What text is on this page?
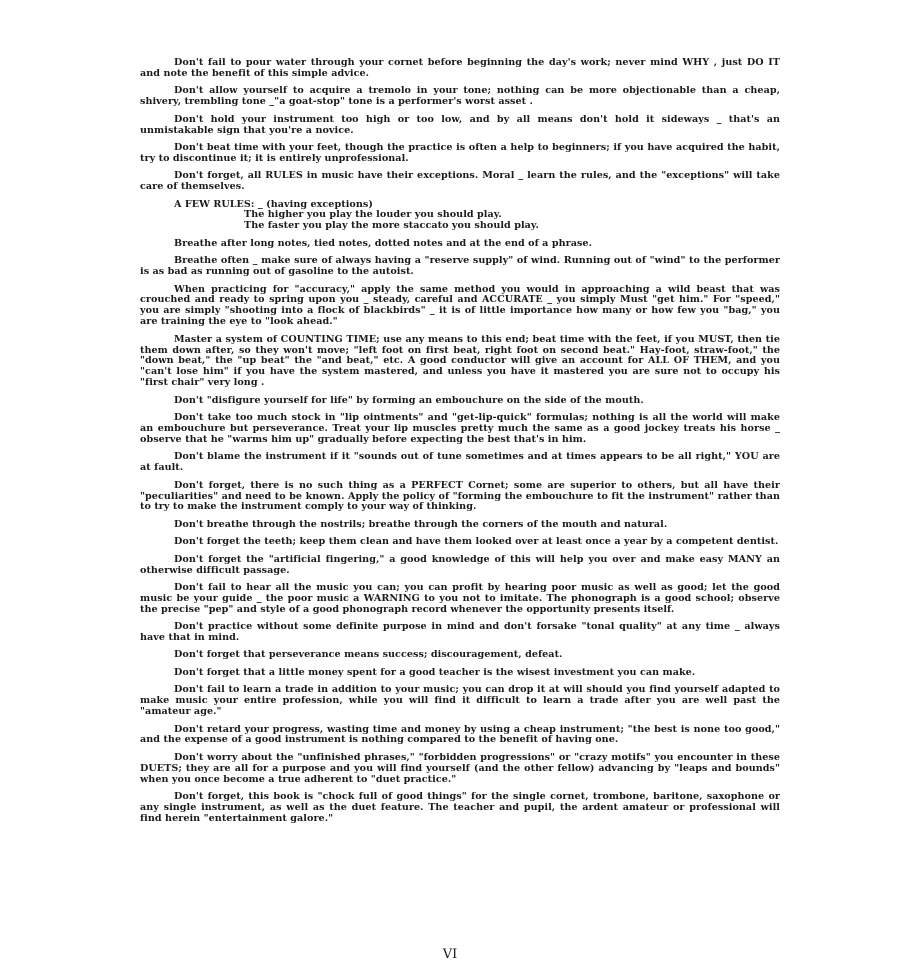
Don't fail to pour water through your cornet before beginning the day's work; never mind WHY , just DO IT and note the benefit of this simple advice.

Don't allow yourself to acquire a tremolo in your tone; nothing can be more objectionable than a cheap, shivery, trembling tone _"a goat-stop" tone is a performer's worst asset .

Don't hold your instrument too high or too low, and by all means don't hold it sideways _ that's an unmistakable sign that you're a novice.

Don't beat time with your feet, though the practice is often a help to beginners; if you have acquired the habit, try to discontinue it; it is entirely unprofessional.

Don't forget, all RULES in music have their exceptions. Moral _ learn the rules, and the "exceptions" will take care of themselves.

A FEW RULES: _ (having exceptions)
The higher you play the louder you should play.
The faster you play the more staccato you should play.

Breathe after long notes, tied notes, dotted notes and at the end of a phrase.

Breathe often _ make sure of always having a "reserve supply" of wind. Running out of "wind" to the performer is as bad as running out of gasoline to the autoist.

When practicing for "accuracy," apply the same method you would in approaching a wild beast that was crouched and ready to spring upon you _ steady, careful and ACCURATE _ you simply Must "get him." For "speed," you are simply "shooting into a flock of blackbirds" _ it is of little importance how many or how few you "bag," you are training the eye to "look ahead."

Master a system of COUNTING TIME; use any means to this end; beat time with the feet, if you MUST, then tie them down after, so they won't move; "left foot on first beat, right foot on second beat." Hay-foot, straw-foot," the "down beat," the "up beat" the "and beat," etc. A good conductor will give an account for ALL OF THEM, and you "can't lose him" if you have the system mastered, and unless you have it mastered you are sure not to occupy his "first chair" very long .

Don't "disfigure yourself for life" by forming an embouchure on the side of the mouth.

Don't take too much stock in "lip ointments" and "get-lip-quick" formulas; nothing is all the world will make an embouchure but perseverance. Treat your lip muscles pretty much the same as a good jockey treats his horse _ observe that he "warms him up" gradually before expecting the best that's in him.

Don't blame the instrument if it "sounds out of tune sometimes and at times appears to be all right," YOU are at fault.

Don't forget, there is no such thing as a PERFECT Cornet; some are superior to others, but all have their "peculiarities" and need to be known. Apply the policy of "forming the embouchure to fit the instrument" rather than to try to make the instrument comply to your way of thinking.

Don't breathe through the nostrils; breathe through the corners of the mouth and natural.

Don't forget the teeth; keep them clean and have them looked over at least once a year by a competent dentist.

Don't forget the "artificial fingering," a good knowledge of this will help you over and make easy MANY an otherwise difficult passage.

Don't fail to hear all the music you can; you can profit by hearing poor music as well as good; let the good music be your guide _ the poor music a WARNING to you not to imitate. The phonograph is a good school; observe the precise "pep" and style of a good phonograph record whenever the opportunity presents itself.

Don't practice without some definite purpose in mind and don't forsake "tonal quality" at any time _ always have that in mind.

Don't forget that perseverance means success; discouragement, defeat.

Don't forget that a little money spent for a good teacher is the wisest investment you can make.

Don't fail to learn a trade in addition to your music; you can drop it at will should you find yourself adapted to make music your entire profession, while you will find it difficult to learn a trade after you are well past the "amateur age."

Don't retard your progress, wasting time and money by using a cheap instrument; "the best is none too good," and the expense of a good instrument is nothing compared to the benefit of having one.

Don't worry about the "unfinished phrases," "forbidden progressions" or "crazy motifs" you encounter in these DUETS; they are all for a purpose and you will find yourself (and the other fellow) advancing by "leaps and bounds" when you once become a true adherent to "duet practice."

Don't forget, this book is "chock full of good things" for the single cornet, trombone, baritone, saxophone or any single instrument, as well as the duet feature. The teacher and pupil, the ardent amateur or professional will find herein "entertainment galore."

VI
